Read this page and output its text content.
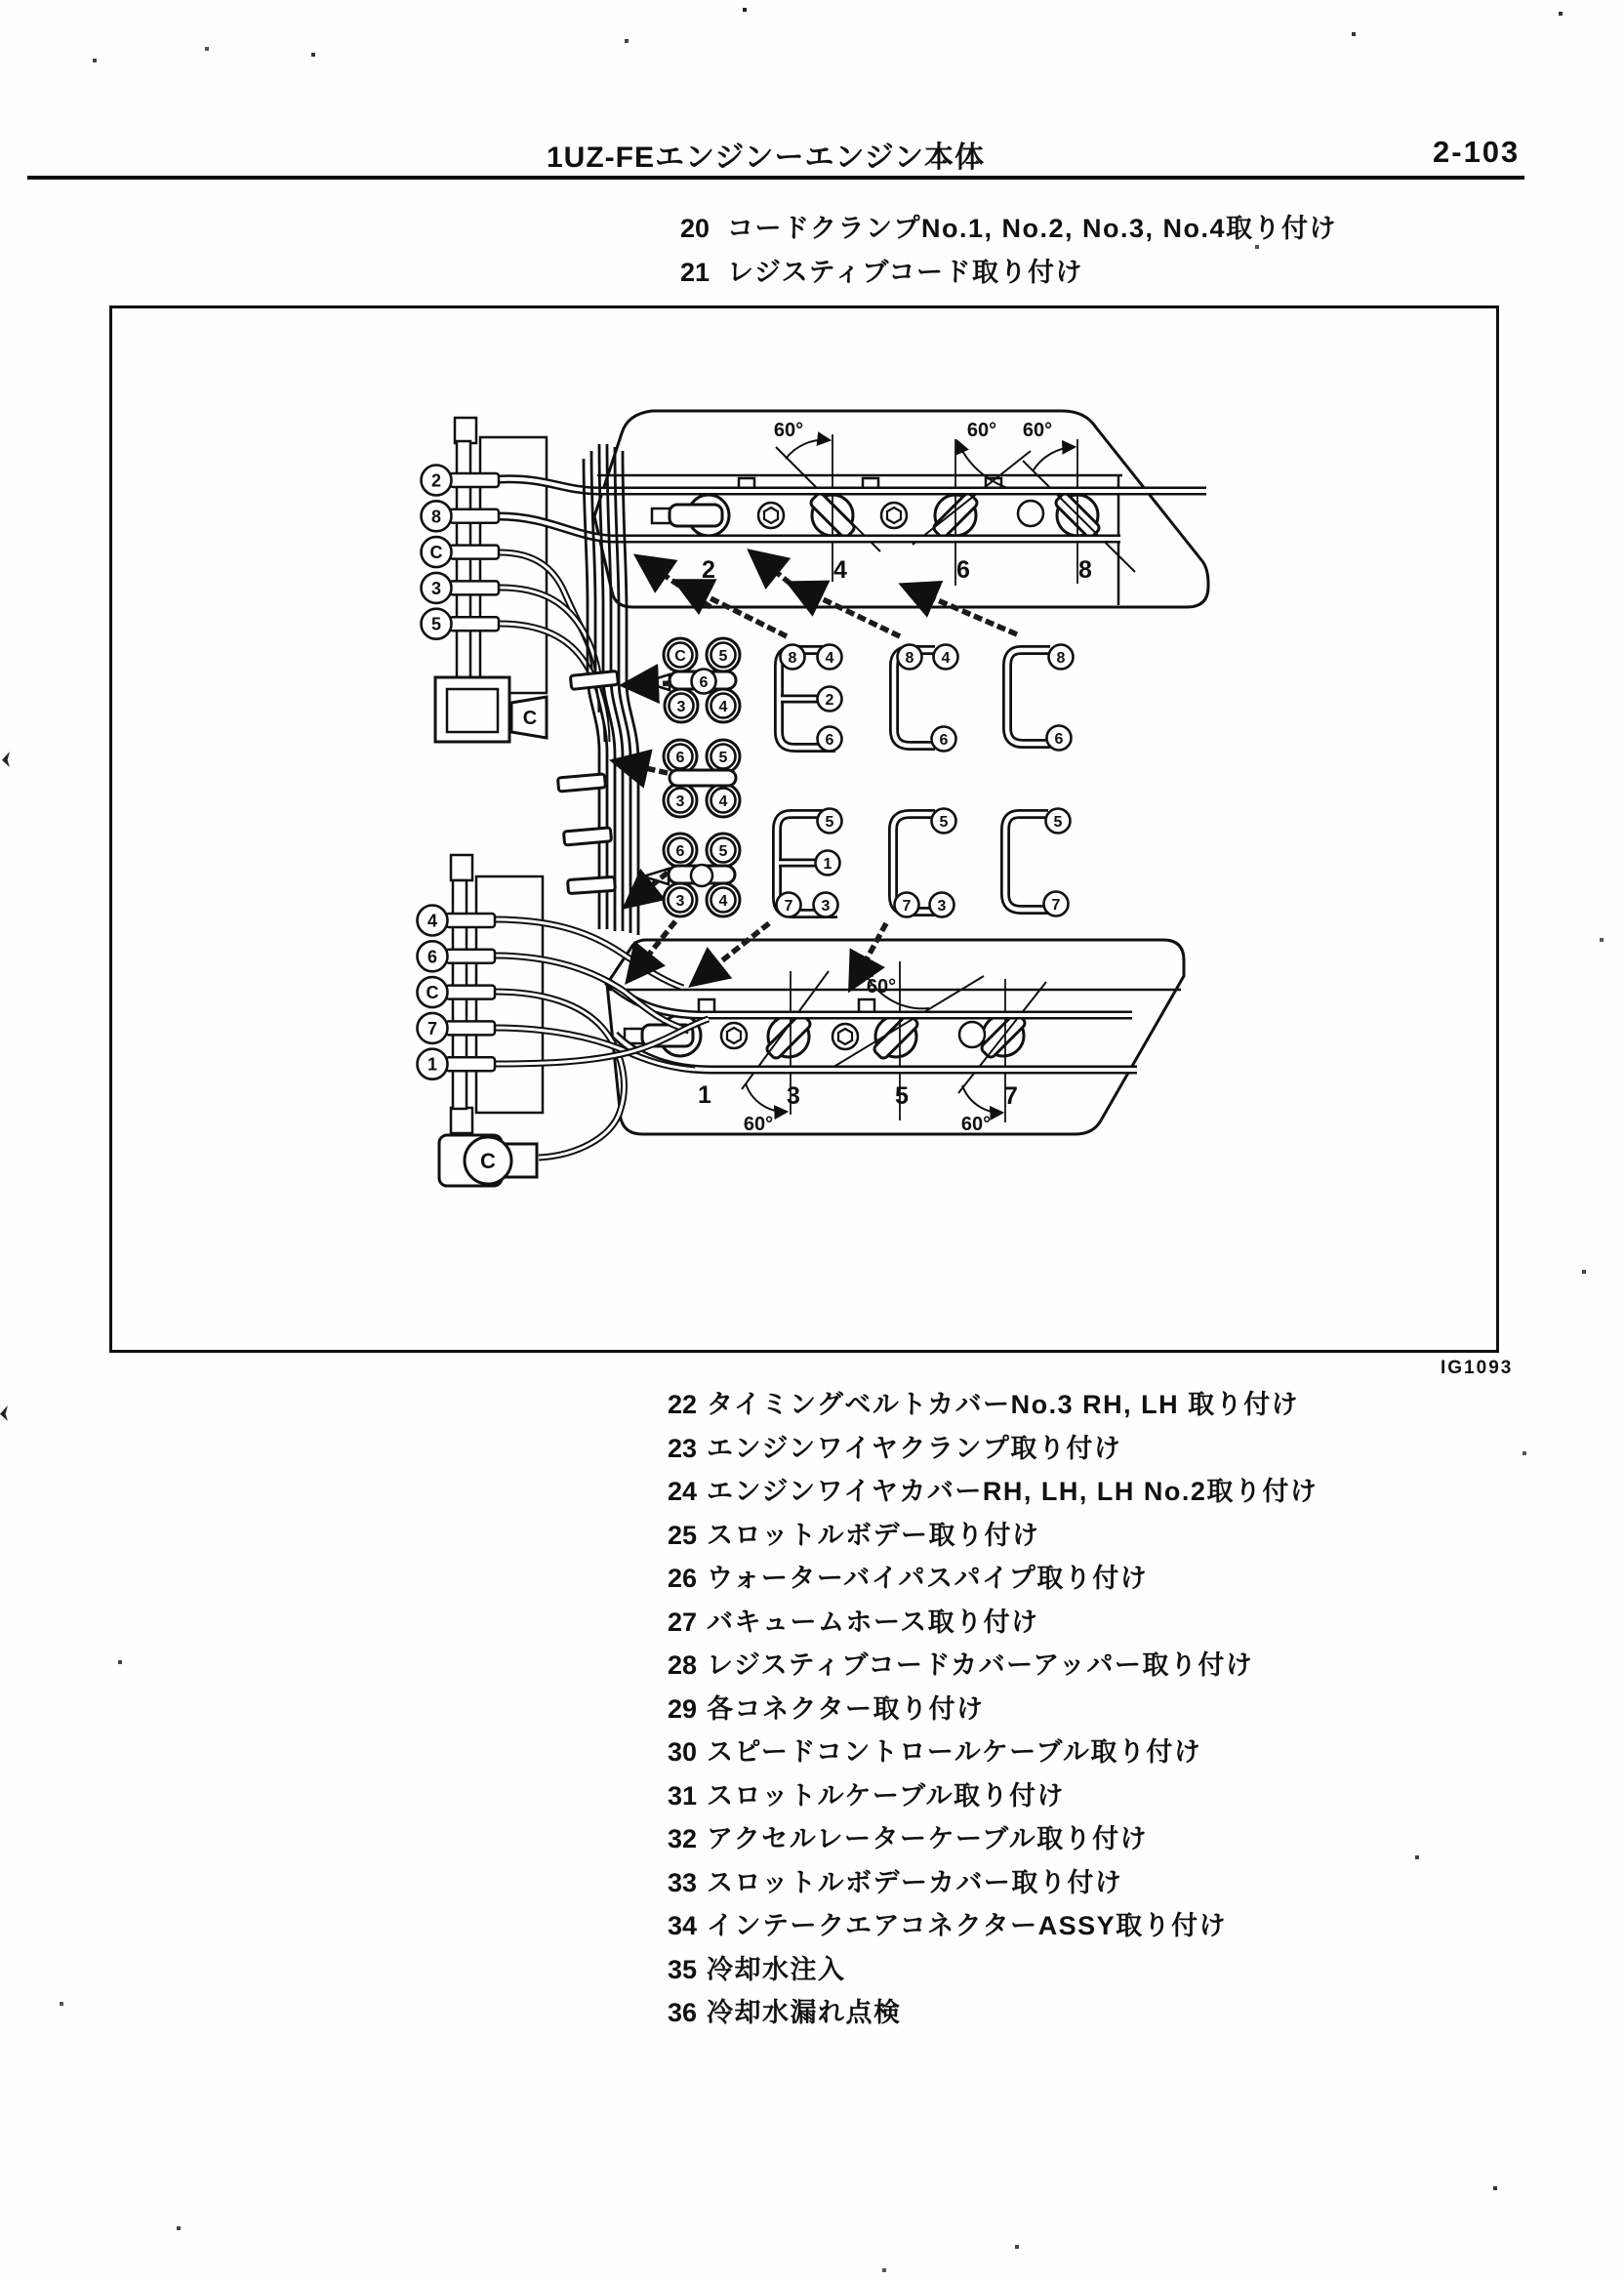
1UZ-FEエンジンーエンジン本体	2-103
20 コードクランプNo.1, No.2, No.3, No.4取り付け
21 レジスティブコード取り付け
C
C
2
8
C
3
5
4
6
C
7
1
2	4	6	8
1	3	5	7
60°	60° 60°
60°
60°	60°
C 5
6
3 4
6 5
3 4
6 5
3 4
8 4
2
6
5
1
7 3
8 4
6
5
7 3
8
6
5
7
IG1093
22 タイミングベルトカバーNo.3 RH, LH 取り付け
23 エンジンワイヤクランプ取り付け
24 エンジンワイヤカバーRH, LH, LH No.2取り付け
25 スロットルボデー取り付け
26 ウォーターバイパスパイプ取り付け
27 バキュームホース取り付け
28 レジスティブコードカバーアッパー取り付け
29 各コネクター取り付け
30 スピードコントロールケーブル取り付け
31 スロットルケーブル取り付け
32 アクセルレーターケーブル取り付け
33 スロットルボデーカバー取り付け
34 インテークエアコネクターASSY取り付け
35 冷却水注入
36 冷却水漏れ点検
